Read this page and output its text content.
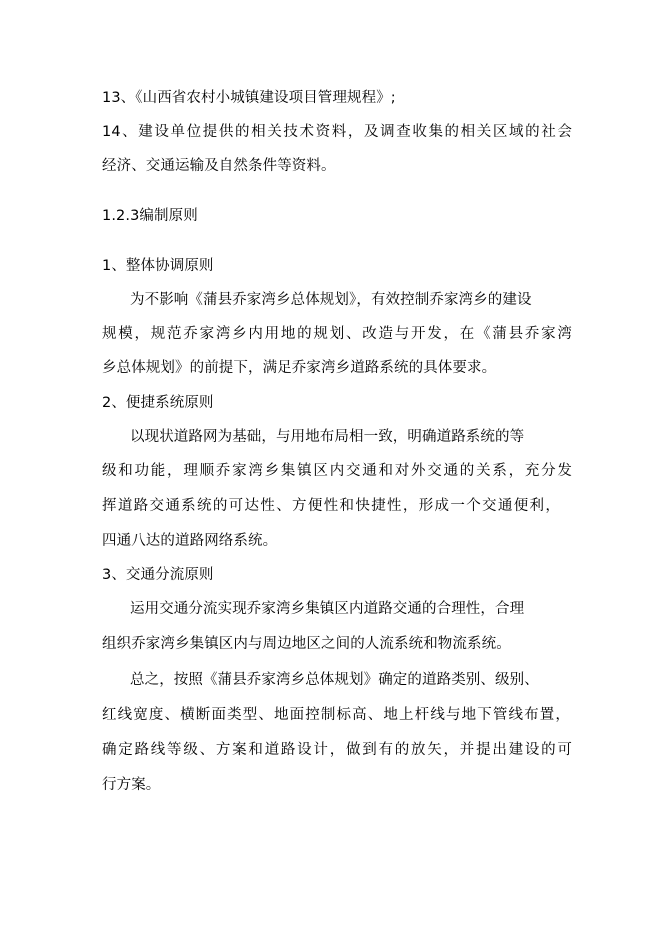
13、《山西省农村小城镇建设项目管理规程》;
14、建设单位提供的相关技术资料，及调查收集的相关区域的社会
经济、交通运输及自然条件等资料。
1.2.3编制原则
1、整体协调原则
为不影响《蒲县乔家湾乡总体规划》，有效控制乔家湾乡的建设
规模，规范乔家湾乡内用地的规划、改造与开发，在《蒲县乔家湾
乡总体规划》的前提下，满足乔家湾乡道路系统的具体要求。
2、便捷系统原则
以现状道路网为基础，与用地布局相一致，明确道路系统的等
级和功能，理顺乔家湾乡集镇区内交通和对外交通的关系，充分发
挥道路交通系统的可达性、方便性和快捷性，形成一个交通便利，
四通八达的道路网络系统。
3、交通分流原则
运用交通分流实现乔家湾乡集镇区内道路交通的合理性，合理
组织乔家湾乡集镇区内与周边地区之间的人流系统和物流系统。
总之，按照《蒲县乔家湾乡总体规划》确定的道路类别、级别、
红线宽度、横断面类型、地面控制标高、地上杆线与地下管线布置，
确定路线等级、方案和道路设计，做到有的放矢，并提出建设的可
行方案。
